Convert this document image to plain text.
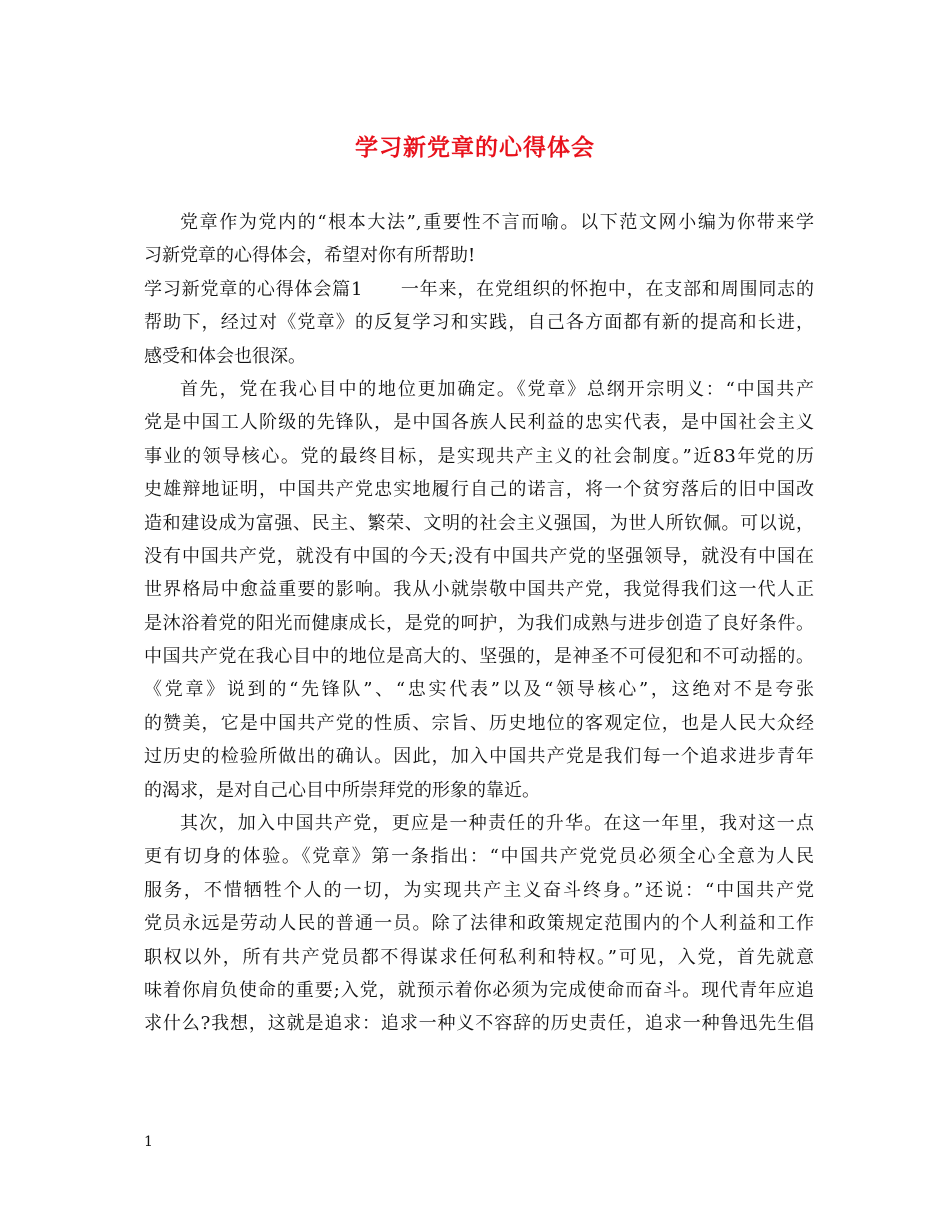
学习新党章的心得体会
党章作为党内的“根本大法”,重要性不言而喻。以下范文网小编为你带来学
习新党章的心得体会，希望对你有所帮助!
学习新党章的心得体会篇1　　一年来，在党组织的怀抱中，在支部和周围同志的
帮助下，经过对《党章》的反复学习和实践，自己各方面都有新的提高和长进，
感受和体会也很深。
首先，党在我心目中的地位更加确定。《党章》总纲开宗明义：“中国共产
党是中国工人阶级的先锋队，是中国各族人民利益的忠实代表，是中国社会主义
事业的领导核心。党的最终目标，是实现共产主义的社会制度。”近83年党的历
史雄辩地证明，中国共产党忠实地履行自己的诺言，将一个贫穷落后的旧中国改
造和建设成为富强、民主、繁荣、文明的社会主义强国，为世人所钦佩。可以说，
没有中国共产党，就没有中国的今天;没有中国共产党的坚强领导，就没有中国在
世界格局中愈益重要的影响。我从小就崇敬中国共产党，我觉得我们这一代人正
是沐浴着党的阳光而健康成长，是党的呵护，为我们成熟与进步创造了良好条件。
中国共产党在我心目中的地位是高大的、坚强的，是神圣不可侵犯和不可动摇的。
《党章》说到的“先锋队”、“忠实代表”以及“领导核心”，这绝对不是夸张
的赞美，它是中国共产党的性质、宗旨、历史地位的客观定位，也是人民大众经
过历史的检验所做出的确认。因此，加入中国共产党是我们每一个追求进步青年
的渴求，是对自己心目中所崇拜党的形象的靠近。
其次，加入中国共产党，更应是一种责任的升华。在这一年里，我对这一点
更有切身的体验。《党章》第一条指出：“中国共产党党员必须全心全意为人民
服务，不惜牺牲个人的一切，为实现共产主义奋斗终身。”还说：“中国共产党
党员永远是劳动人民的普通一员。除了法律和政策规定范围内的个人利益和工作
职权以外，所有共产党员都不得谋求任何私利和特权。”可见，入党，首先就意
味着你肩负使命的重要;入党，就预示着你必须为完成使命而奋斗。现代青年应追
求什么?我想，这就是追求：追求一种义不容辞的历史责任，追求一种鲁迅先生倡
1
